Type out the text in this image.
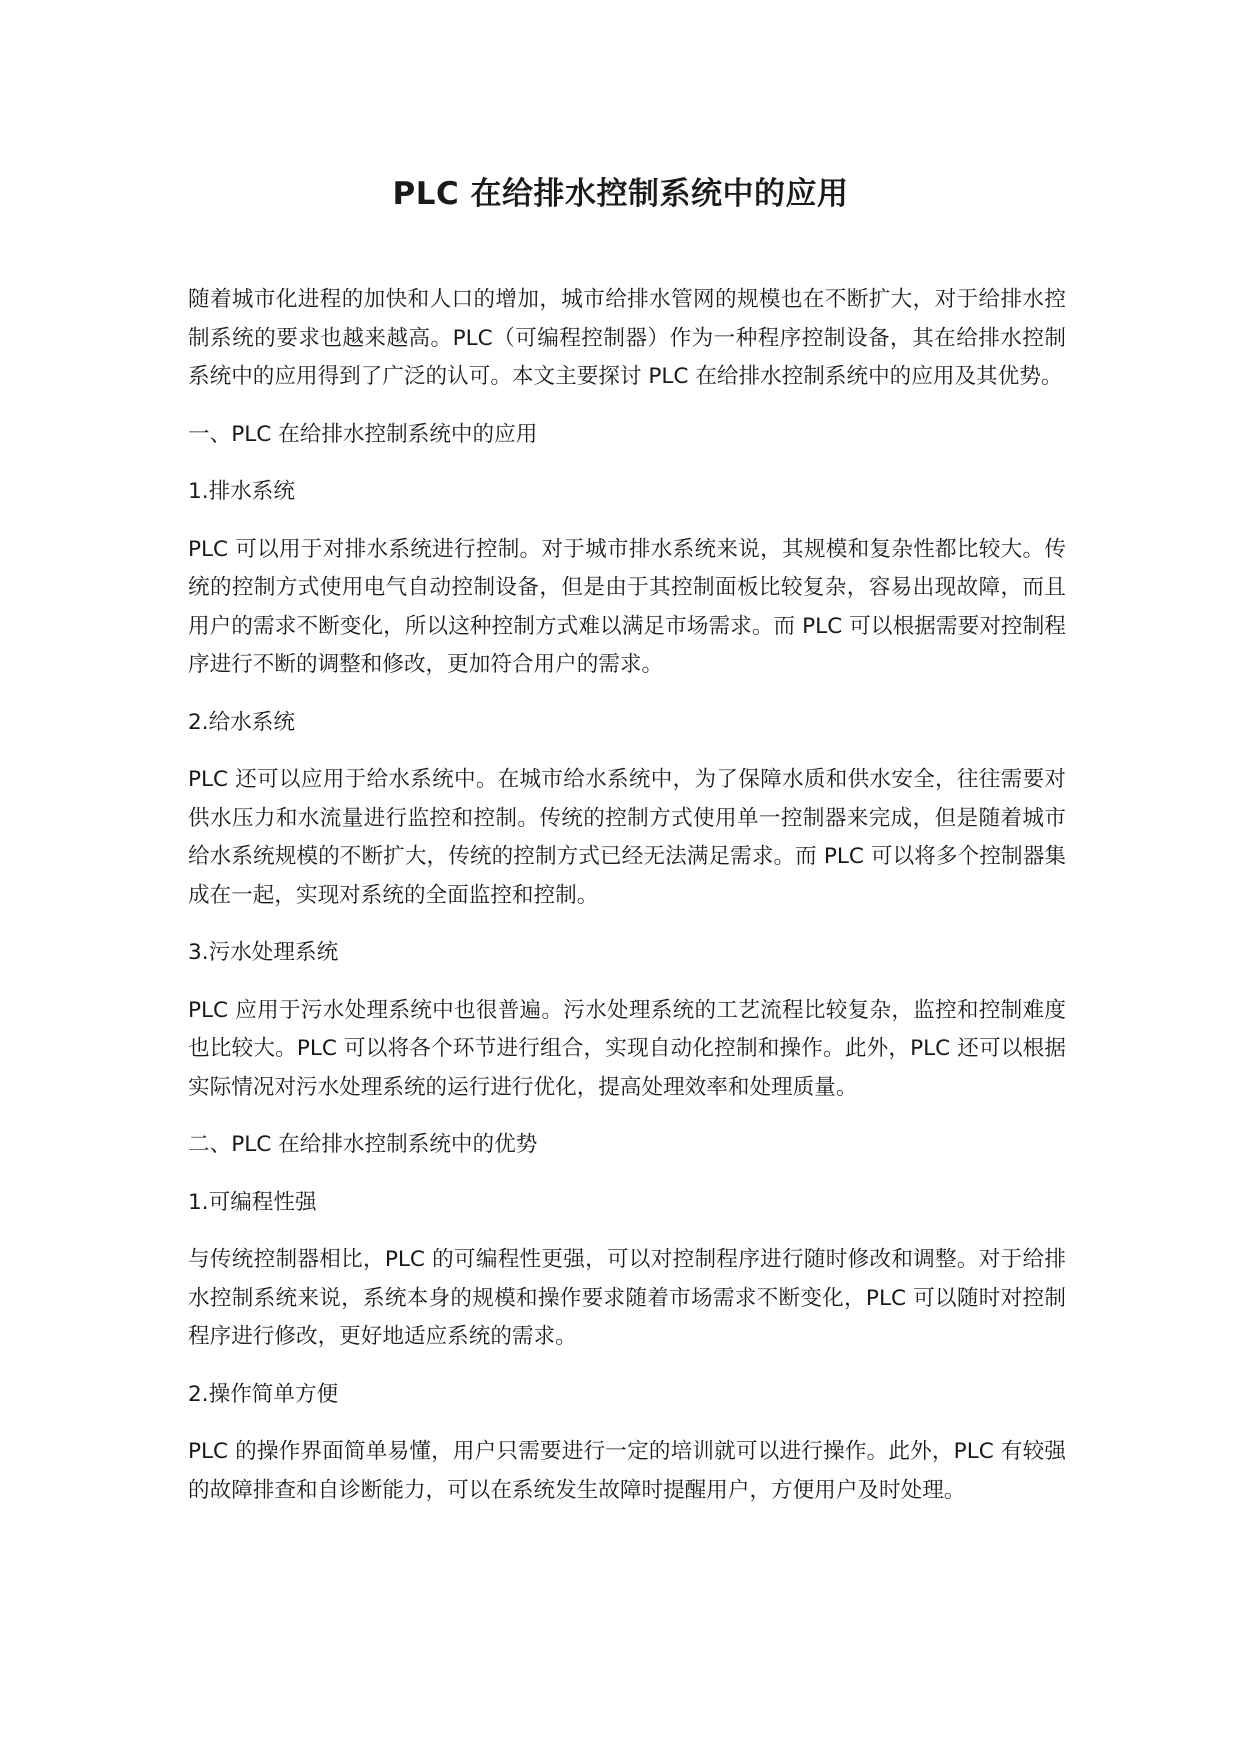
PLC 在给排水控制系统中的应用

随着城市化进程的加快和人口的增加，城市给排水管网的规模也在不断扩大，对于给排水控制系统的要求也越来越高。PLC（可编程控制器）作为一种程序控制设备，其在给排水控制系统中的应用得到了广泛的认可。本文主要探讨 PLC 在给排水控制系统中的应用及其优势。

一、PLC 在给排水控制系统中的应用

1.排水系统

PLC 可以用于对排水系统进行控制。对于城市排水系统来说，其规模和复杂性都比较大。传统的控制方式使用电气自动控制设备，但是由于其控制面板比较复杂，容易出现故障，而且用户的需求不断变化，所以这种控制方式难以满足市场需求。而 PLC 可以根据需要对控制程序进行不断的调整和修改，更加符合用户的需求。

2.给水系统

PLC 还可以应用于给水系统中。在城市给水系统中，为了保障水质和供水安全，往往需要对供水压力和水流量进行监控和控制。传统的控制方式使用单一控制器来完成，但是随着城市给水系统规模的不断扩大，传统的控制方式已经无法满足需求。而 PLC 可以将多个控制器集成在一起，实现对系统的全面监控和控制。

3.污水处理系统

PLC 应用于污水处理系统中也很普遍。污水处理系统的工艺流程比较复杂，监控和控制难度也比较大。PLC 可以将各个环节进行组合，实现自动化控制和操作。此外，PLC 还可以根据实际情况对污水处理系统的运行进行优化，提高处理效率和处理质量。

二、PLC 在给排水控制系统中的优势

1.可编程性强

与传统控制器相比，PLC 的可编程性更强，可以对控制程序进行随时修改和调整。对于给排水控制系统来说，系统本身的规模和操作要求随着市场需求不断变化，PLC 可以随时对控制程序进行修改，更好地适应系统的需求。

2.操作简单方便

PLC 的操作界面简单易懂，用户只需要进行一定的培训就可以进行操作。此外，PLC 有较强的故障排查和自诊断能力，可以在系统发生故障时提醒用户，方便用户及时处理。
